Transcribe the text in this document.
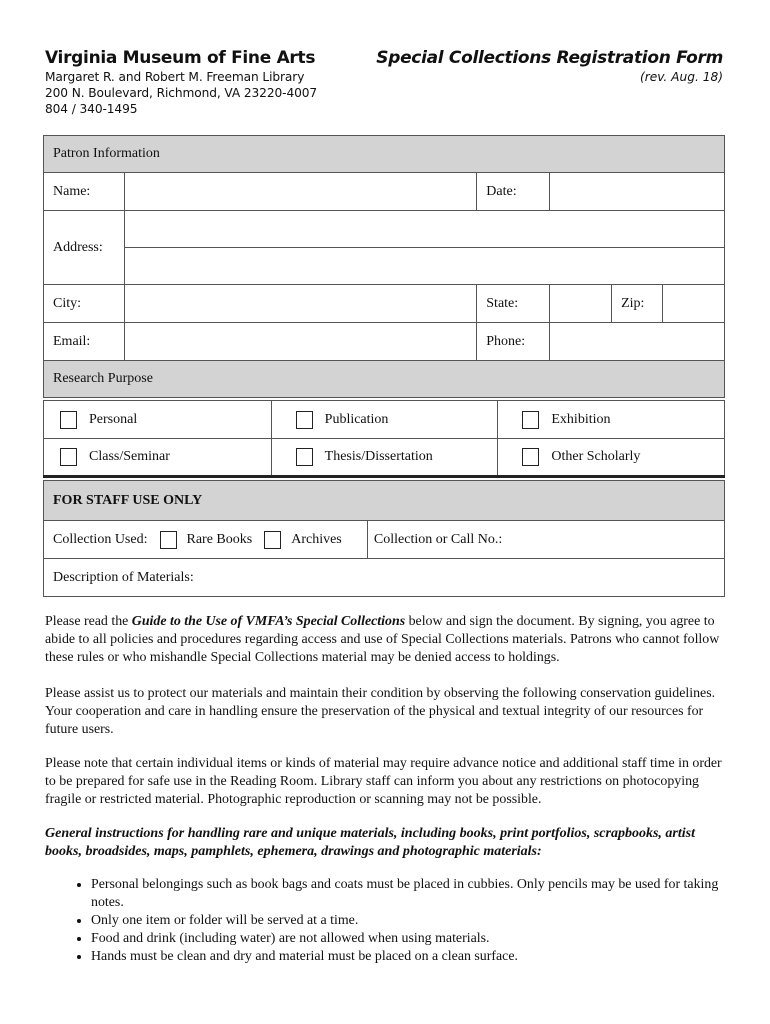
Virginia Museum of Fine Arts
Margaret R. and Robert M. Freeman Library
200 N. Boulevard, Richmond, VA 23220-4007
804 / 340-1495
Special Collections Registration Form
(rev. Aug. 18)
Patron Information					
Name:		Date:			
Address:					

City:		State:		Zip:	
Email:		Phone:			
Research Purpose					
Personal	Publication	Exhibition
Class/Seminar	Thesis/Dissertation	Other Scholarly
FOR STAFF USE ONLY
Collection Used:	Rare Books	Archives	Collection or Call No.:
Description of Materials:
Please read the Guide to the Use of VMFA’s Special Collections below and sign the document. By signing, you agree to abide to all policies and procedures regarding access and use of Special Collections materials. Patrons who cannot follow these rules or who mishandle Special Collections material may be denied access to holdings.
Please assist us to protect our materials and maintain their condition by observing the following conservation guidelines. Your cooperation and care in handling ensure the preservation of the physical and textual integrity of our resources for future users.
Please note that certain individual items or kinds of material may require advance notice and additional staff time in order to be prepared for safe use in the Reading Room. Library staff can inform you about any restrictions on photocopying fragile or restricted material. Photographic reproduction or scanning may not be possible.
General instructions for handling rare and unique materials, including books, print portfolios, scrapbooks, artist books, broadsides, maps, pamphlets, ephemera, drawings and photographic materials:
• Personal belongings such as book bags and coats must be placed in cubbies. Only pencils may be used for taking notes.
• Only one item or folder will be served at a time.
• Food and drink (including water) are not allowed when using materials.
• Hands must be clean and dry and material must be placed on a clean surface.
